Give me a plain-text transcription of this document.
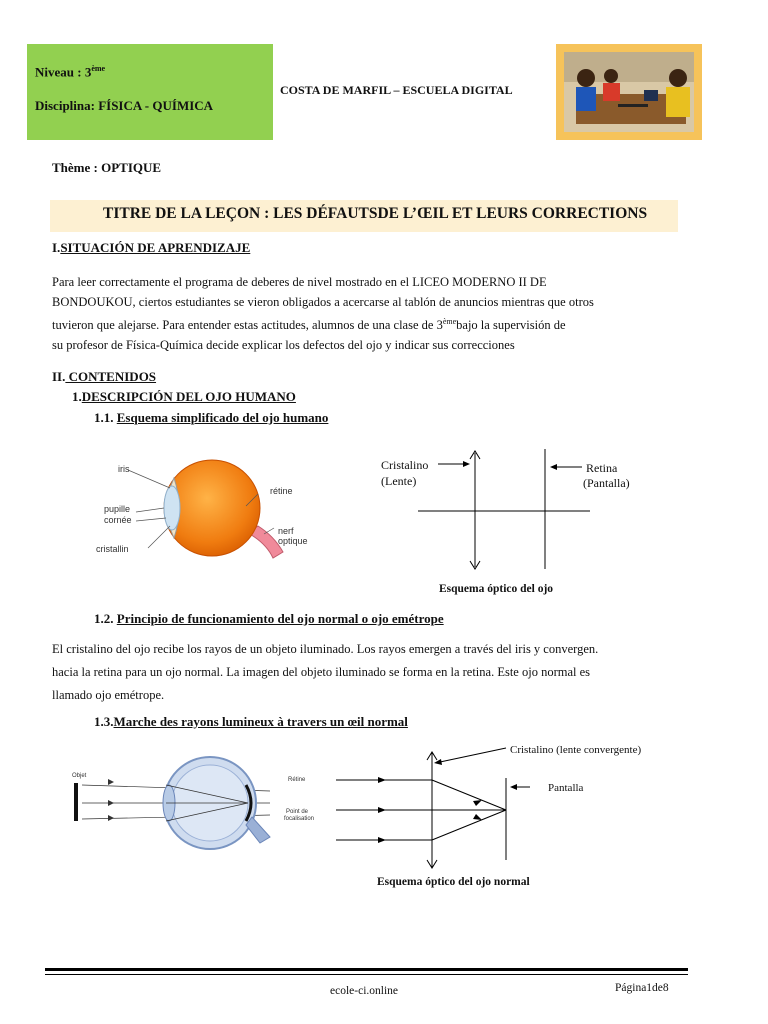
Niveau : 3ème
Disciplina: FÍSICA - QUÍMICA
COSTA DE MARFIL – ESCUELA DIGITAL
Thème : OPTIQUE
TITRE DE LA LEÇON : LES DÉFAUTSDE L’ŒIL ET LEURS CORRECTIONS
I.SITUACIÓN DE APRENDIZAJE
Para leer correctamente el programa de deberes de nivel mostrado en el LICEO MODERNO II DE
BONDOUKOU, ciertos estudiantes se vieron obligados a acercarse al tablón de anuncios mientras que otros
tuvieron que alejarse. Para entender estas actitudes, alumnos de una clase de 3èmebajo la supervisión de
su profesor de Física-Química decide explicar los defectos del ojo y indicar sus correcciones
II. CONTENIDOS
1.DESCRIPCIÓN DEL OJO HUMANO
1.1. Esquema simplificado del ojo humano
iris
pupille
cornée
cristallin
rétine
nerf
optique
Cristalino
(Lente)
Retina
(Pantalla)
Esquema óptico del ojo
1.2. Principio de funcionamiento del ojo normal o ojo emétrope
El cristalino del ojo recibe los rayos de un objeto iluminado. Los rayos emergen a través del iris y convergen.
hacia la retina para un ojo normal. La imagen del objeto iluminado se forma en la retina. Este ojo normal es
llamado ojo emétrope.
1.3.Marche des rayons lumineux à travers un œil normal
Objet
Rétine
Point de
focalisation
Cristalino (lente convergente)
Pantalla
Esquema óptico del ojo normal
ecole-ci.online	Página1de8
